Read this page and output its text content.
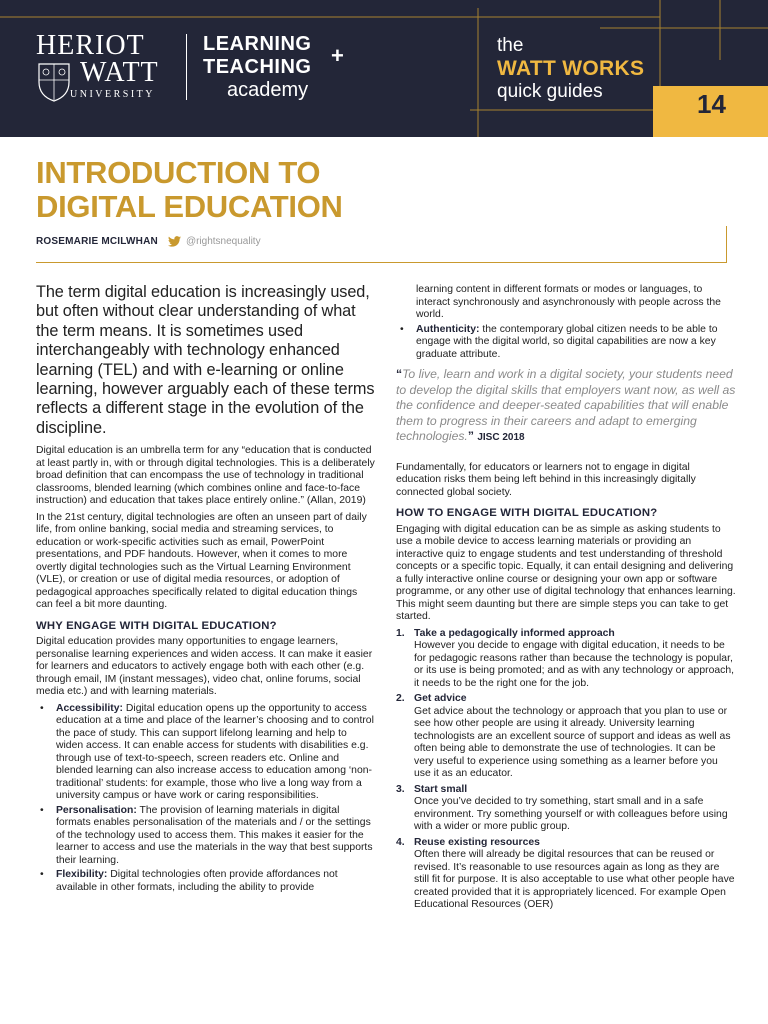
HERIOT
WATT
UNIVERSITY
LEARNING +
TEACHING
academy
the
WATT WORKS
quick guides	14
INTRODUCTION TO
DIGITAL EDUCATION
ROSEMARIE MCILWHAN	@rightsnequality

The term digital education is increasingly used, but often without clear understanding of what the term means. It is sometimes used interchangeably with technology enhanced learning (TEL) and with e-learning or online learning, however arguably each of these terms reflects a different stage in the evolution of the discipline.

Digital education is an umbrella term for any “education that is conducted at least partly in, with or through digital technologies. This is a deliberately broad definition that can encompass the use of technology in traditional classrooms, blended learning (which combines online and face-to-face instruction) and education that takes place entirely online.” (Allan, 2019)

In the 21st century, digital technologies are often an unseen part of daily life, from online banking, social media and streaming services, to education or work-specific activities such as email, PowerPoint presentations, and PDF handouts. However, when it comes to more overtly digital technologies such as the Virtual Learning Environment (VLE), or creation or use of digital media resources, or adoption of pedagogical approaches specifically related to digital education things can feel a bit more daunting.

WHY ENGAGE WITH DIGITAL EDUCATION?

Digital education provides many opportunities to engage learners, personalise learning experiences and widen access. It can make it easier for learners and educators to actively engage both with each other (e.g. through email, IM (instant messages), video chat, online forums, social media etc.) and with learning materials.

• Accessibility: Digital education opens up the opportunity to access education at a time and place of the learner’s choosing and to control the pace of study. This can support lifelong learning and help to widen access. It can enable access for students with disabilities e.g. through use of text-to-speech, screen readers etc. Online and blended learning can also increase access to education among ‘non-traditional’ students: for example, those who live a long way from a university campus or have work or caring responsibilities.
• Personalisation: The provision of learning materials in digital formats enables personalisation of the materials and / or the settings of the technology used to access them. This makes it easier for the learner to access and use the materials in the way that best supports their learning.
• Flexibility: Digital technologies often provide affordances not available in other formats, including the ability to provide

learning content in different formats or modes or languages, to interact synchronously and asynchronously with people across the world.

• Authenticity: the contemporary global citizen needs to be able to engage with the digital world, so digital capabilities are now a key graduate attribute.

“To live, learn and work in a digital society, your students need to develop the digital skills that employers want now, as well as the confidence and deeper-seated capabilities that will enable them to progress in their careers and adapt to emerging technologies.” JISC 2018

Fundamentally, for educators or learners not to engage in digital education risks them being left behind in this increasingly digitally connected global society.

HOW TO ENGAGE WITH DIGITAL EDUCATION?

Engaging with digital education can be as simple as asking students to use a mobile device to access learning materials or providing an interactive quiz to engage students and test understanding of threshold concepts or a specific topic. Equally, it can entail designing and delivering a fully interactive online course or designing your own app or software programme, or any other use of digital technology that enhances learning. This might seem daunting but there are simple steps you can take to get started.

1. Take a pedagogically informed approach
However you decide to engage with digital education, it needs to be for pedagogic reasons rather than because the technology is popular, or its use is being promoted; and as with any technology or approach, it needs to be the right one for the job.
2. Get advice
Get advice about the technology or approach that you plan to use or see how other people are using it already. University learning technologists are an excellent source of support and ideas as well as often being able to demonstrate the use of technologies. It can be very useful to experience using something as a learner before you use it as an educator.
3. Start small
Once you’ve decided to try something, start small and in a safe environment. Try something yourself or with colleagues before using with a wider or more public group.
4. Reuse existing resources
Often there will already be digital resources that can be reused or revised. It’s reasonable to use resources again as long as they are still fit for purpose. It is also acceptable to use what other people have created provided that it is appropriately licenced. For example Open Educational Resources (OER)
